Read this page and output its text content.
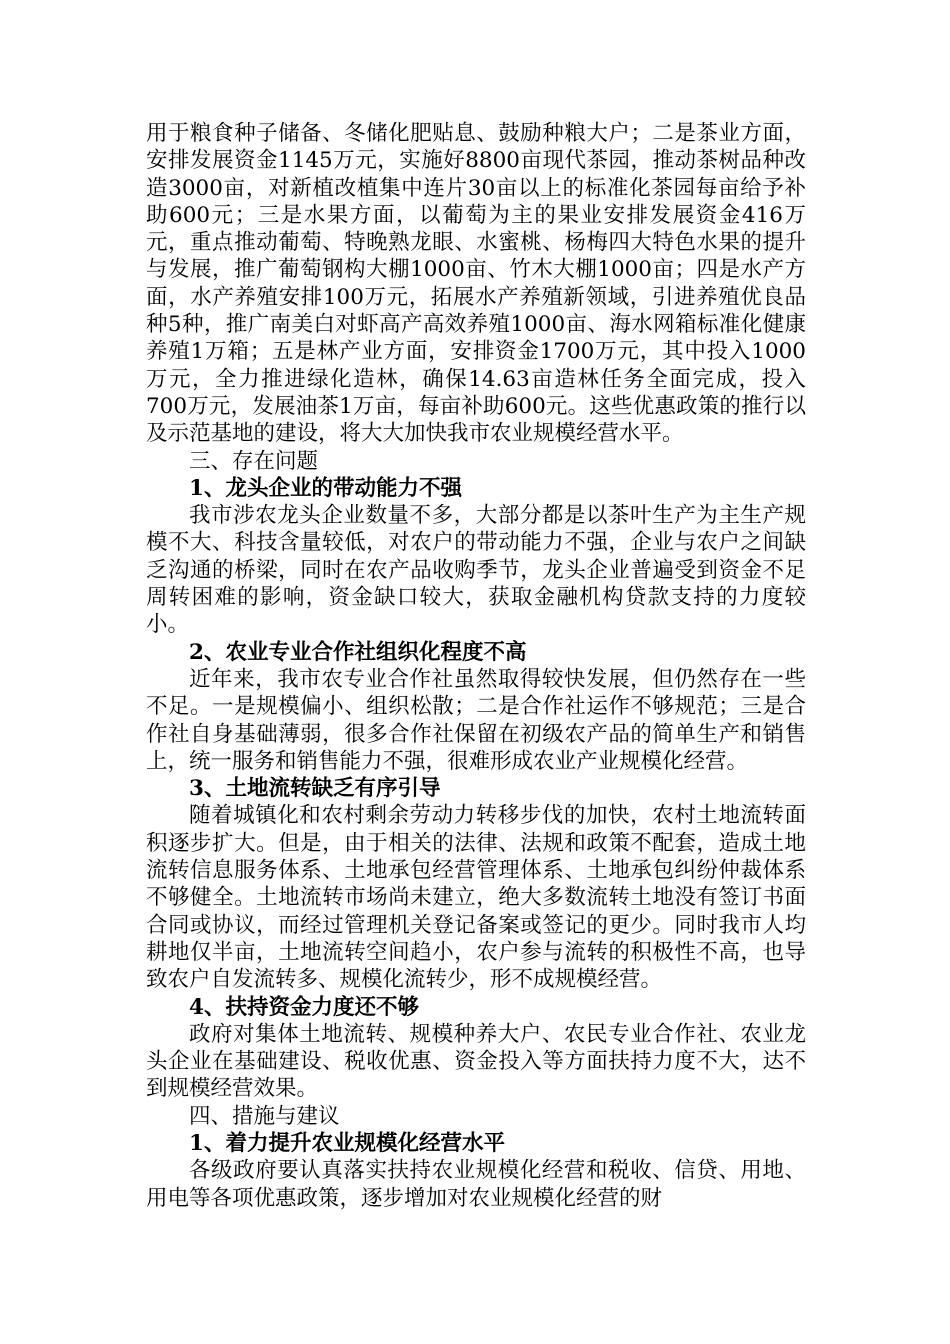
用于粮食种子储备、冬储化肥贴息、鼓励种粮大户；二是茶业方面，安排发展资金1145万元，实施好8800亩现代茶园，推动茶树品种改造3000亩，对新植改植集中连片30亩以上的标准化茶园每亩给予补助600元；三是水果方面，以葡萄为主的果业安排发展资金416万元，重点推动葡萄、特晚熟龙眼、水蜜桃、杨梅四大特色水果的提升与发展，推广葡萄钢构大棚1000亩、竹木大棚1000亩；四是水产方面，水产养殖安排100万元，拓展水产养殖新领域，引进养殖优良品种5种，推广南美白对虾高产高效养殖1000亩、海水网箱标准化健康养殖1万箱；五是林产业方面，安排资金1700万元，其中投入1000万元，全力推进绿化造林，确保14.63亩造林任务全面完成，投入700万元，发展油茶1万亩，每亩补助600元。这些优惠政策的推行以及示范基地的建设，将大大加快我市农业规模经营水平。

三、存在问题

1、龙头企业的带动能力不强

我市涉农龙头企业数量不多，大部分都是以茶叶生产为主生产规模不大、科技含量较低，对农户的带动能力不强，企业与农户之间缺乏沟通的桥梁，同时在农产品收购季节，龙头企业普遍受到资金不足周转困难的影响，资金缺口较大，获取金融机构贷款支持的力度较小。

2、农业专业合作社组织化程度不高

近年来，我市农专业合作社虽然取得较快发展，但仍然存在一些不足。一是规模偏小、组织松散；二是合作社运作不够规范；三是合作社自身基础薄弱，很多合作社保留在初级农产品的简单生产和销售上，统一服务和销售能力不强，很难形成农业产业规模化经营。

3、土地流转缺乏有序引导

随着城镇化和农村剩余劳动力转移步伐的加快，农村土地流转面积逐步扩大。但是，由于相关的法律、法规和政策不配套，造成土地流转信息服务体系、土地承包经营管理体系、土地承包纠纷仲裁体系不够健全。土地流转市场尚未建立，绝大多数流转土地没有签订书面合同或协议，而经过管理机关登记备案或签记的更少。同时我市人均耕地仅半亩，土地流转空间趋小，农户参与流转的积极性不高，也导致农户自发流转多、规模化流转少，形不成规模经营。

4、扶持资金力度还不够

政府对集体土地流转、规模种养大户、农民专业合作社、农业龙头企业在基础建设、税收优惠、资金投入等方面扶持力度不大，达不到规模经营效果。

四、措施与建议

1、着力提升农业规模化经营水平

各级政府要认真落实扶持农业规模化经营和税收、信贷、用地、用电等各项优惠政策，逐步增加对农业规模化经营的财
